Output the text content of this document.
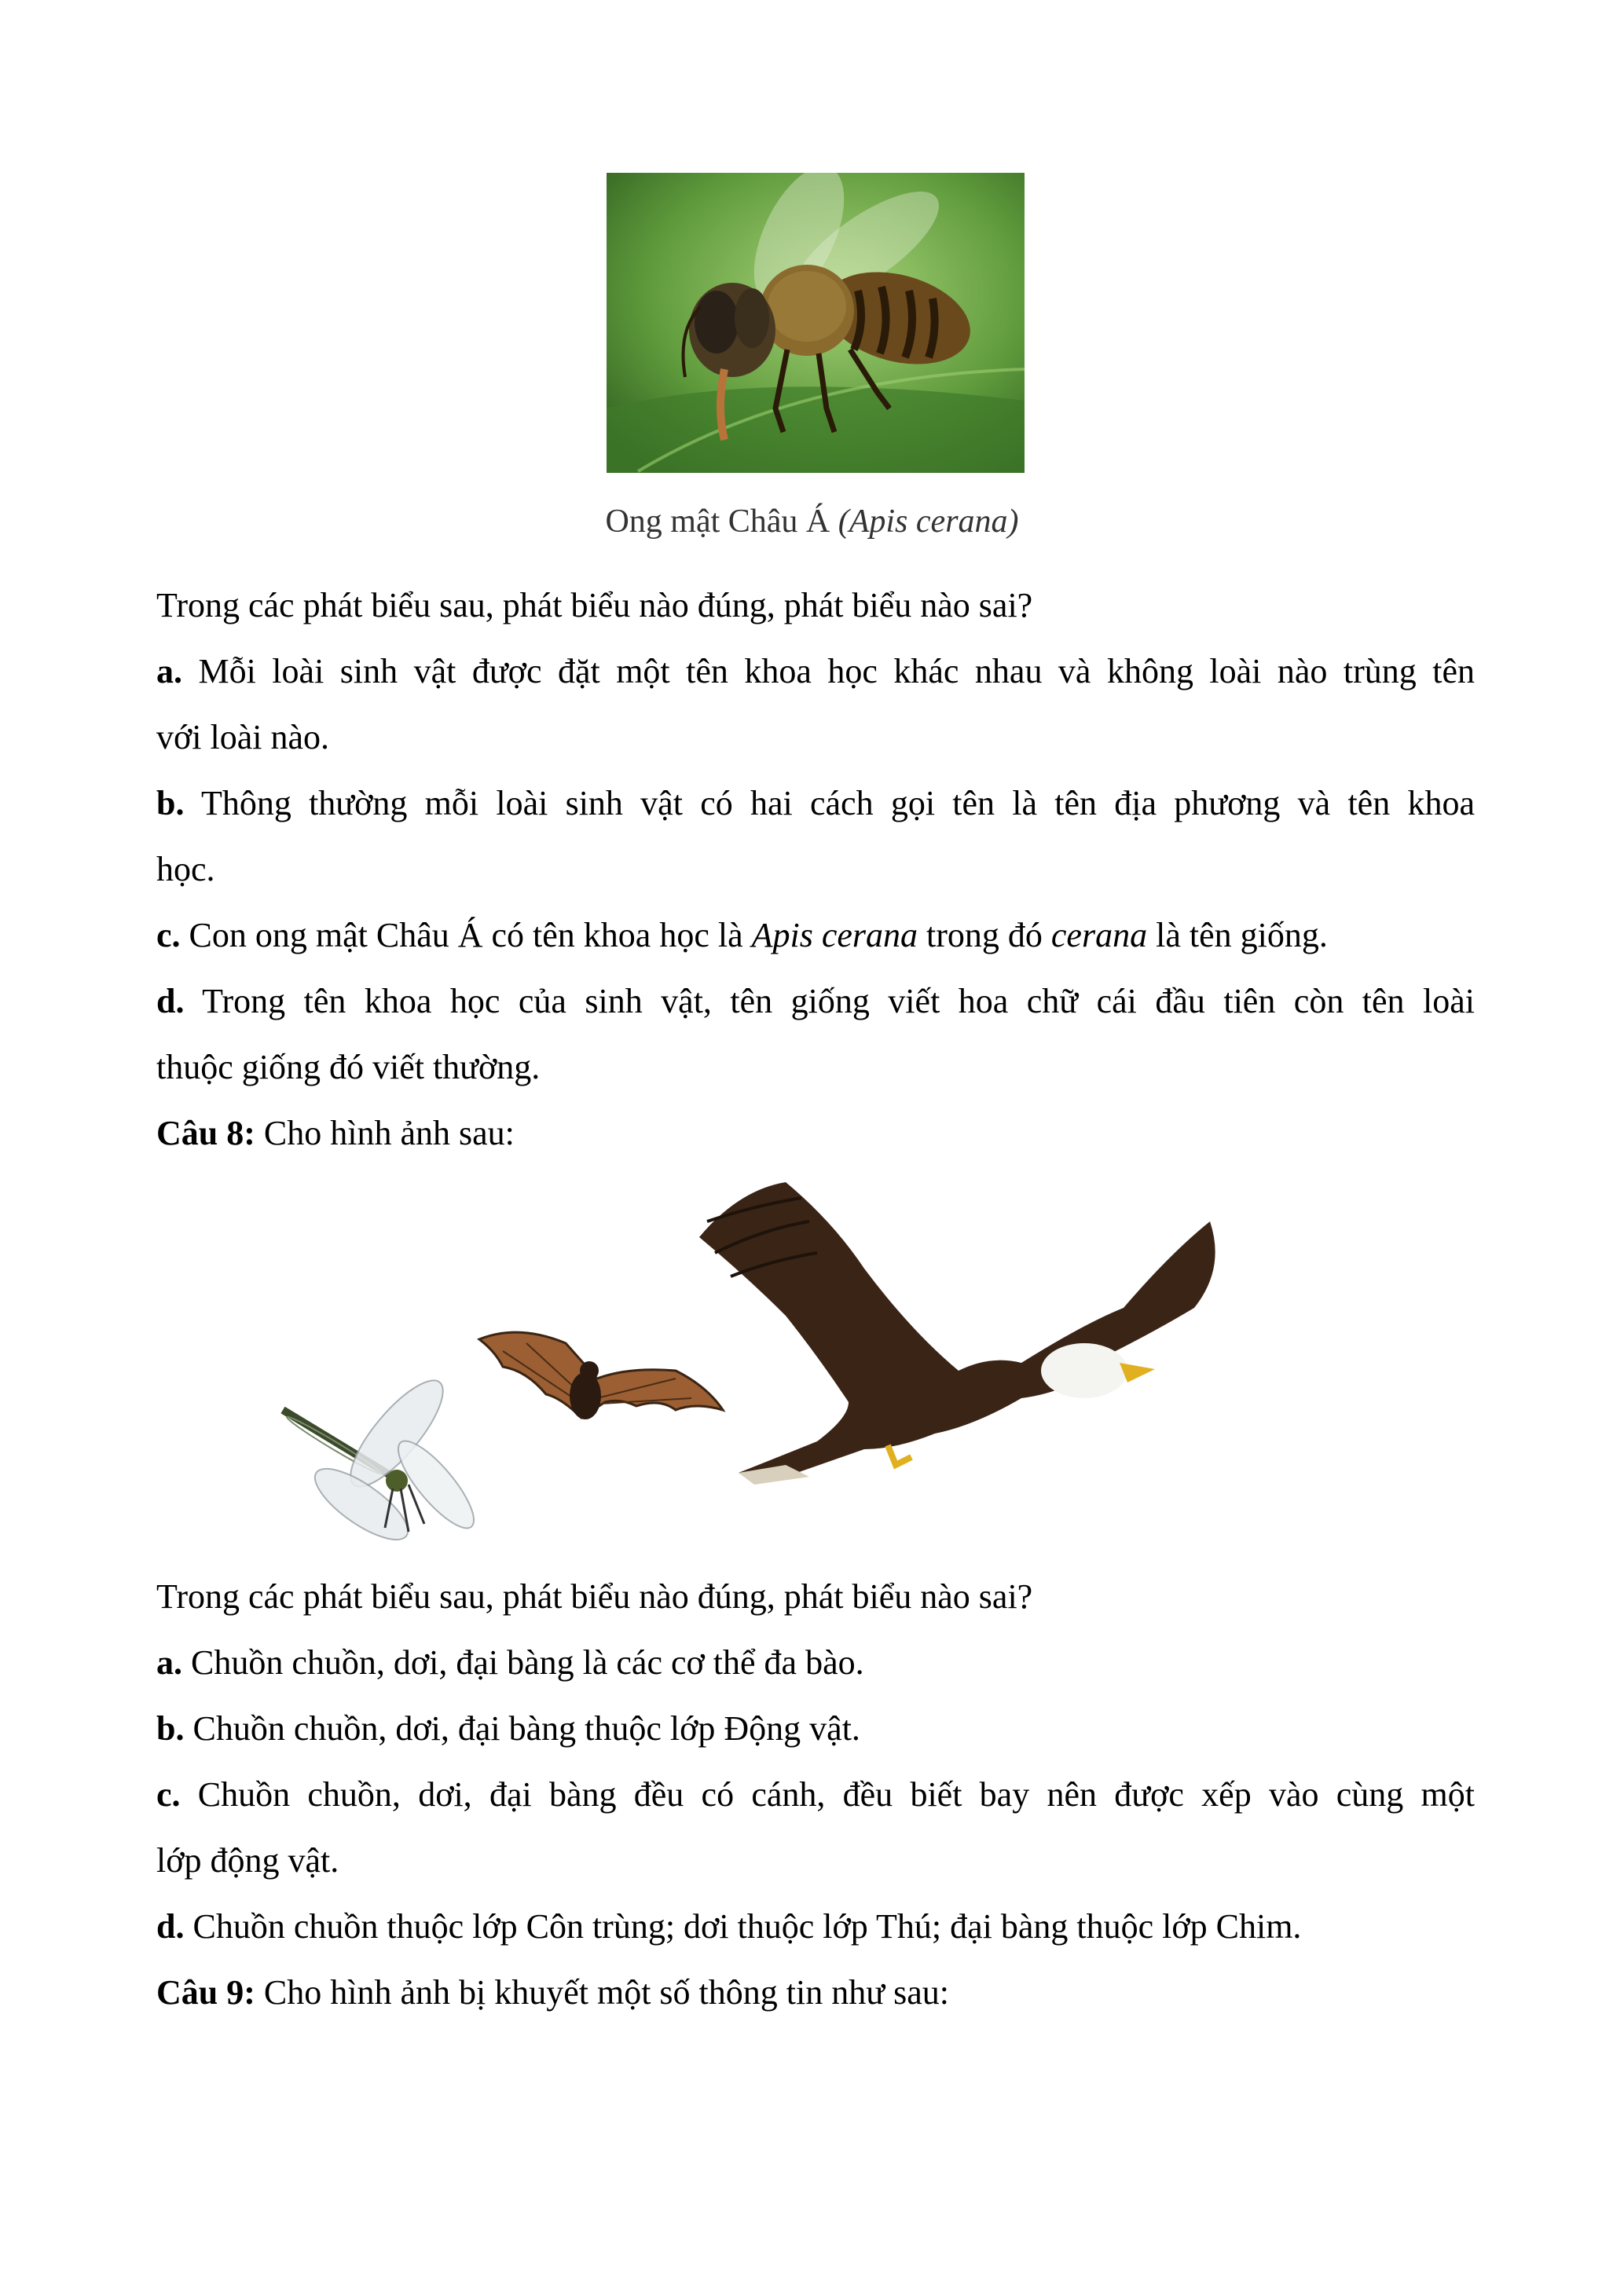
Ong mật Châu Á (Apis cerana)
Trong các phát biểu sau, phát biểu nào đúng, phát biểu nào sai?
a. Mỗi loài sinh vật được đặt một tên khoa học khác nhau và không loài nào trùng tên
với loài nào.
b. Thông thường mỗi loài sinh vật có hai cách gọi tên là tên địa phương và tên khoa
học.
c. Con ong mật Châu Á có tên khoa học là Apis cerana trong đó cerana là tên giống.
d. Trong tên khoa học của sinh vật, tên giống viết hoa chữ cái đầu tiên còn tên loài
thuộc giống đó viết thường.
Câu 8: Cho hình ảnh sau:
Trong các phát biểu sau, phát biểu nào đúng, phát biểu nào sai?
a. Chuồn chuồn, dơi, đại bàng là các cơ thể đa bào.
b. Chuồn chuồn, dơi, đại bàng thuộc lớp Động vật.
c. Chuồn chuồn, dơi, đại bàng đều có cánh, đều biết bay nên được xếp vào cùng một
lớp động vật.
d. Chuồn chuồn thuộc lớp Côn trùng; dơi thuộc lớp Thú; đại bàng thuộc lớp Chim.
Câu 9: Cho hình ảnh bị khuyết một số thông tin như sau:
